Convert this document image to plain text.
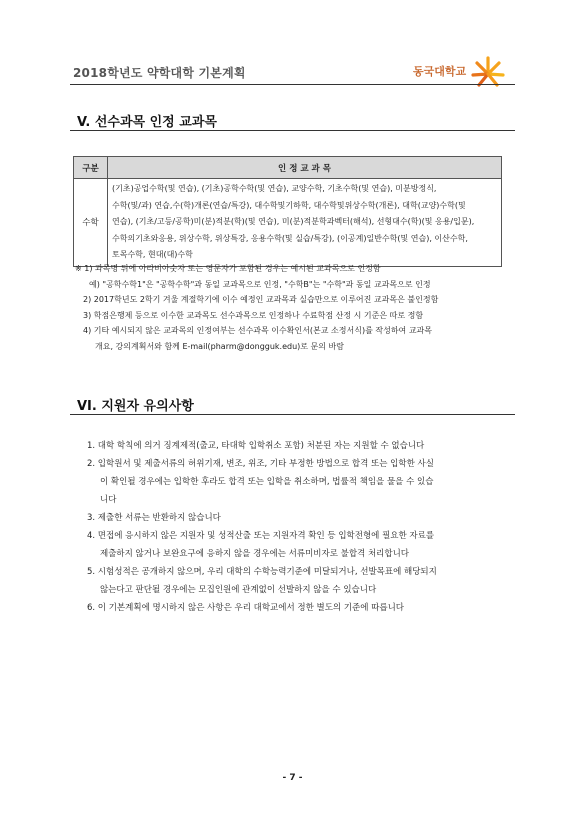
2018학년도 약학대학 기본계획	동국대학교
V. 선수과목 인정 교과목
구분	인 정 교 과 목
수학	(기초)공업수학(및 연습), (기초)공학수학(및 연습), 교양수학, 기초수학(및 연습), 미분방정식,
수학(및/과) 연습,수(학)개론(연습/특강), 대수학및기하학, 대수학및위상수학(개론), 대학(교양)수학(및
연습), (기초/고등/공학)미(분)적분(학)(및 연습), 미(분)적분학과벡터(해석), 선형대수(학)(및 응용/입문),
수학의기초와응용, 위상수학, 위상특강, 응용수학(및 실습/특강), (이공계)일반수학(및 연습), 이산수학,
토목수학, 현대(대)수학
※ 1) 과목명 뒤에 아라비아숫자 또는 영문자가 포함된 경우는 예시된 교과목으로 인정함
예) "공학수학1"은 "공학수학"과 동일 교과목으로 인정, "수학B"는 "수학"과 동일 교과목으로 인정
2) 2017학년도 2학기 겨울 계절학기에 이수 예정인 교과목과 실습만으로 이루어진 교과목은 불인정함
3) 학점은행제 등으로 이수한 교과목도 선수과목으로 인정하나 수료학점 산정 시 기준은 따로 정함
4) 기타 예시되지 않은 교과목의 인정여부는 선수과목 이수확인서(본교 소정서식)를 작성하여 교과목
개요, 강의계획서와 함께 E-mail(pharm@dongguk.edu)로 문의 바람
VI. 지원자 유의사항
1. 대학 학칙에 의거 징계제적(출교, 타대학 입학취소 포함) 처분된 자는 지원할 수 없습니다
2. 입학원서 및 제출서류의 허위기재, 변조, 위조, 기타 부정한 방법으로 합격 또는 입학한 사실
이 확인될 경우에는 입학한 후라도 합격 또는 입학을 취소하며, 법률적 책임을 물을 수 있습
니다
3. 제출한 서류는 반환하지 않습니다
4. 면접에 응시하지 않은 지원자 및 성적산출 또는 지원자격 확인 등 입학전형에 필요한 자료를
제출하지 않거나 보완요구에 응하지 않을 경우에는 서류미비자로 불합격 처리합니다
5. 시험성적은 공개하지 않으며, 우리 대학의 수학능력기준에 미달되거나, 선발목표에 해당되지
않는다고 판단될 경우에는 모집인원에 관계없이 선발하지 않을 수 있습니다
6. 이 기본계획에 명시하지 않은 사항은 우리 대학교에서 정한 별도의 기준에 따릅니다
- 7 -
